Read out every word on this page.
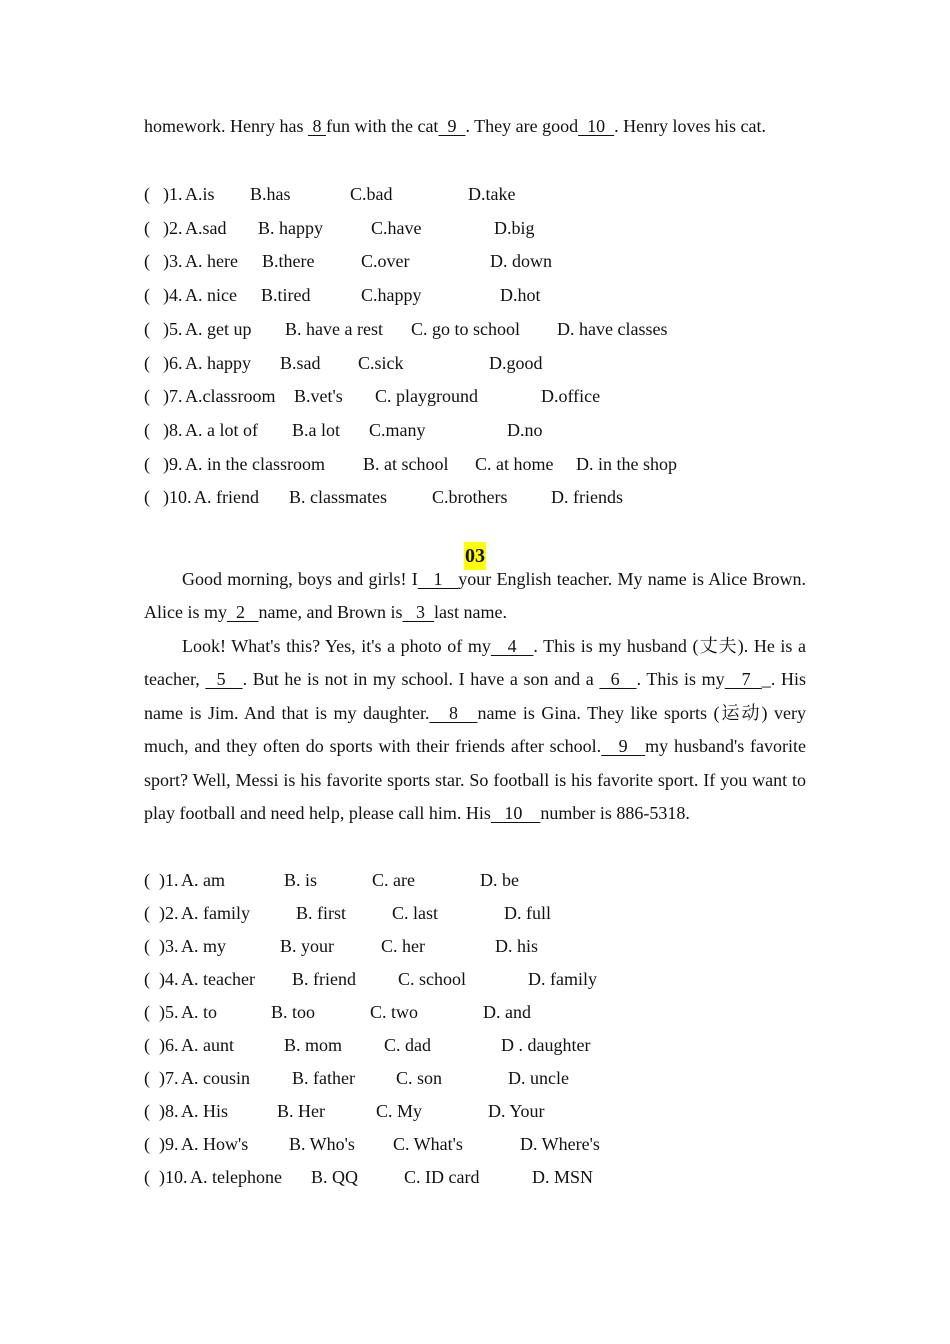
homework. Henry has  8 fun with the cat  9  . They are good  10  . Henry loves his cat.

( )1. A.is B.has	C.bad	D.take
( )2. A.sad B. happy	C.have	D.big
( )3. A. here B.there	C.over	D. down
( )4. A. nice B.tired	C.happy	D.hot
( )5. A. get up B. have a rest C. go to school D. have classes
( )6. A. happy B.sad C.sick	D.good
( )7. A.classroom B.vet's C. playground	D.office
( )8. A. a lot of B.a lot C.many	D.no
( )9. A. in the classroom B. at school C. at home D. in the shop
( )10. A. friend B. classmates	C.brothers D. friends
03

Good morning, boys and girls! I   1   your English teacher. My name is Alice Brown. Alice is my  2   name, and Brown is   3  last name.

Look! What's this? Yes, it's a photo of my   4   . This is my husband (丈夫). He is a teacher,   5   . But he is not in my school. I have a son and a   6   . This is my   7  _. His name is Jim. And that is my daughter.   8   name is Gina. They like sports (运动) very much, and they often do sports with their friends after school.   9   my husband's favorite sport? Well, Messi is his favorite sports star. So football is his favorite sport. If you want to play football and need help, please call him. His   10    number is 886-5318.

( )1. A. am	B. is	C. are	D. be
( )2. A. family	B. first	C. last	D. full
( )3. A. my	B. your	C. her	D. his
( )4. A. teacher B. friend C. school	D. family
( )5. A. to	B. too	C. two	D. and
( )6. A. aunt	B. mom C. dad	D . daughter
( )7. A. cousin B. father C. son	D. uncle
( )8. A. His	B. Her	C. My	D. Your
( )9. A. How's B. Who's C. What's	D. Where's
( )10. A. telephone B. QQ	C. ID card	D. MSN
